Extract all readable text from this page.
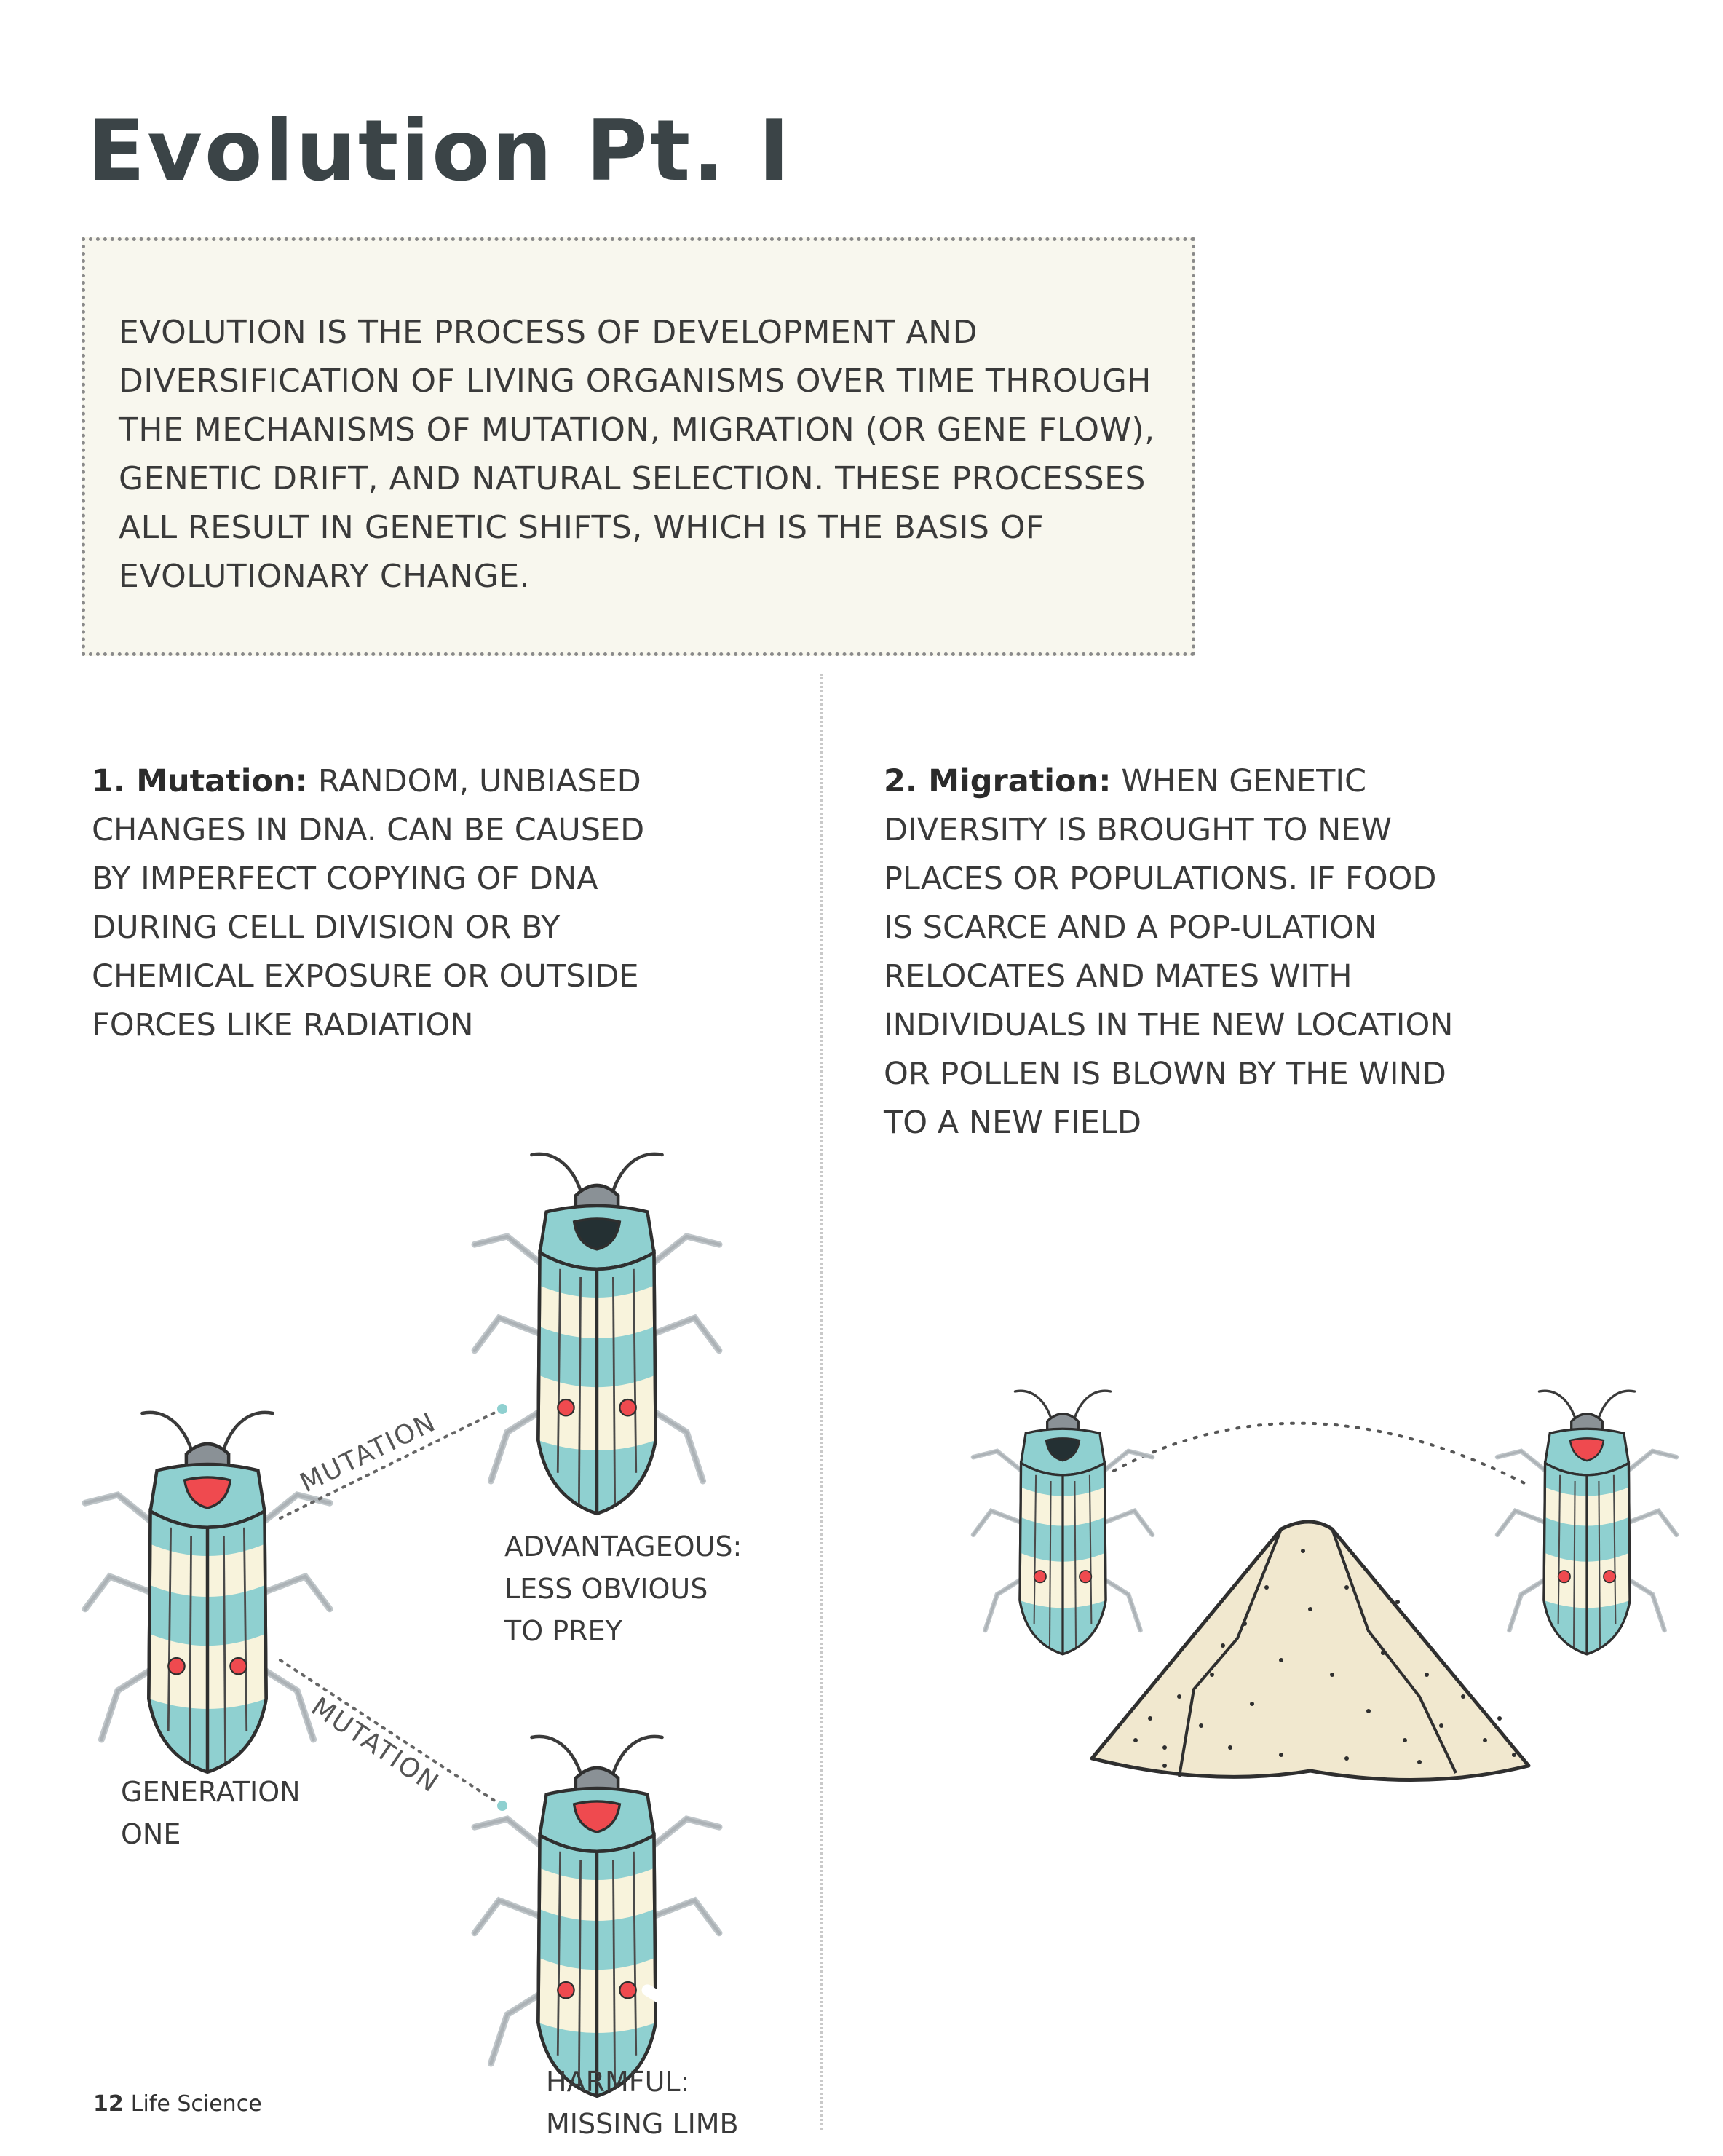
Evolution Pt. I

EVOLUTION IS THE PROCESS OF DEVELOPMENT AND DIVERSIFICATION OF LIVING ORGANISMS OVER TIME THROUGH THE MECHANISMS OF MUTATION, MIGRATION (OR GENE FLOW), GENETIC DRIFT, AND NATURAL SELECTION. THESE PROCESSES ALL RESULT IN GENETIC SHIFTS, WHICH IS THE BASIS OF EVOLUTIONARY CHANGE.

1. Mutation: RANDOM, UNBIASED CHANGES IN DNA. CAN BE CAUSED BY IMPERFECT COPYING OF DNA DURING CELL DIVISION OR BY CHEMICAL EXPOSURE OR OUTSIDE FORCES LIKE RADIATION

2. Migration: WHEN GENETIC DIVERSITY IS BROUGHT TO NEW PLACES OR POPULATIONS. IF FOOD IS SCARCE AND A POP-ULATION RELOCATES AND MATES WITH INDIVIDUALS IN THE NEW LOCATION OR POLLEN IS BLOWN BY THE WIND TO A NEW FIELD

MUTATION
MUTATION

ADVANTAGEOUS:
LESS OBVIOUS
TO PREY

GENERATION
ONE

HARMFUL:
MISSING LIMB

12 Life Science
